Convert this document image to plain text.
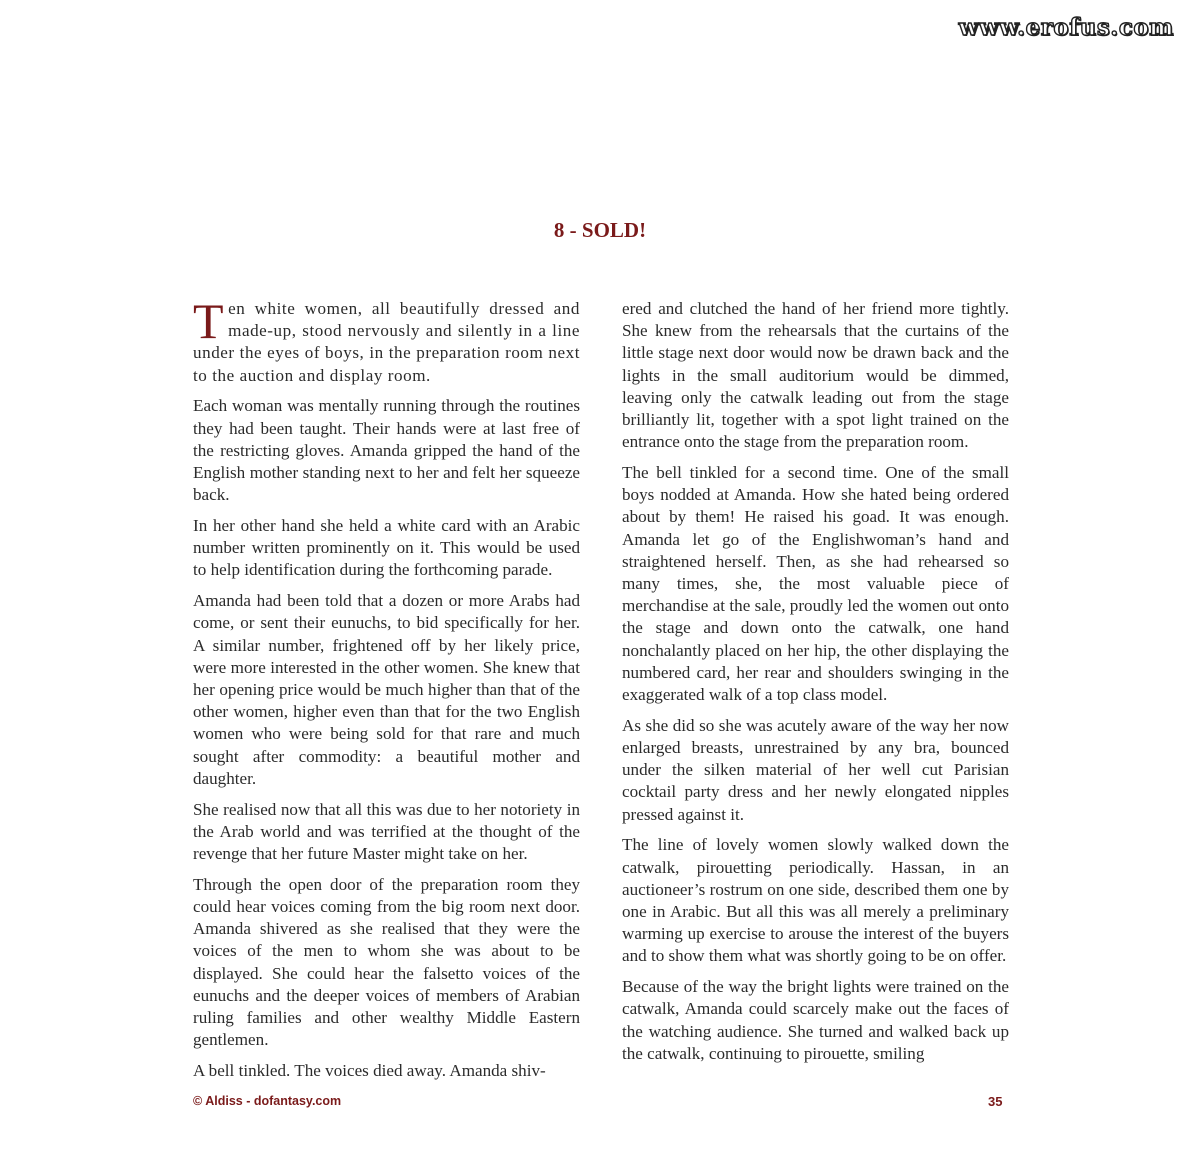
www.erofus.com
8 - SOLD!

Ten white women, all beautifully dressed and made-up, stood nervously and silently in a line under the eyes of boys, in the preparation room next to the auction and display room.

Each woman was mentally running through the routines they had been taught. Their hands were at last free of the restricting gloves. Amanda gripped the hand of the English mother standing next to her and felt her squeeze back.

In her other hand she held a white card with an Arabic number written prominently on it. This would be used to help identification during the forthcoming parade.

Amanda had been told that a dozen or more Arabs had come, or sent their eunuchs, to bid specifically for her. A similar number, frightened off by her likely price, were more interested in the other women. She knew that her opening price would be much higher than that of the other women, higher even than that for the two English women who were being sold for that rare and much sought after commodity: a beautiful mother and daughter.

She realised now that all this was due to her notoriety in the Arab world and was terrified at the thought of the revenge that her future Master might take on her.

Through the open door of the preparation room they could hear voices coming from the big room next door. Amanda shivered as she realised that they were the voices of the men to whom she was about to be displayed. She could hear the falsetto voices of the eunuchs and the deeper voices of members of Arabian ruling families and other wealthy Middle Eastern gentlemen.

A bell tinkled. The voices died away. Amanda shiv-

ered and clutched the hand of her friend more tightly. She knew from the rehearsals that the curtains of the little stage next door would now be drawn back and the lights in the small auditorium would be dimmed, leaving only the catwalk leading out from the stage brilliantly lit, together with a spot light trained on the entrance onto the stage from the preparation room.

The bell tinkled for a second time. One of the small boys nodded at Amanda. How she hated being ordered about by them! He raised his goad. It was enough. Amanda let go of the Englishwoman’s hand and straightened herself. Then, as she had rehearsed so many times, she, the most valuable piece of merchandise at the sale, proudly led the women out onto the stage and down onto the catwalk, one hand nonchalantly placed on her hip, the other displaying the numbered card, her rear and shoulders swinging in the exaggerated walk of a top class model.

As she did so she was acutely aware of the way her now enlarged breasts, unrestrained by any bra, bounced under the silken material of her well cut Parisian cocktail party dress and her newly elongated nipples pressed against it.

The line of lovely women slowly walked down the catwalk, pirouetting periodically. Hassan, in an auctioneer’s rostrum on one side, described them one by one in Arabic. But all this was all merely a preliminary warming up exercise to arouse the interest of the buyers and to show them what was shortly going to be on offer.

Because of the way the bright lights were trained on the catwalk, Amanda could scarcely make out the faces of the watching audience. She turned and walked back up the catwalk, continuing to pirouette, smiling

© Aldiss - dofantasy.com	35
